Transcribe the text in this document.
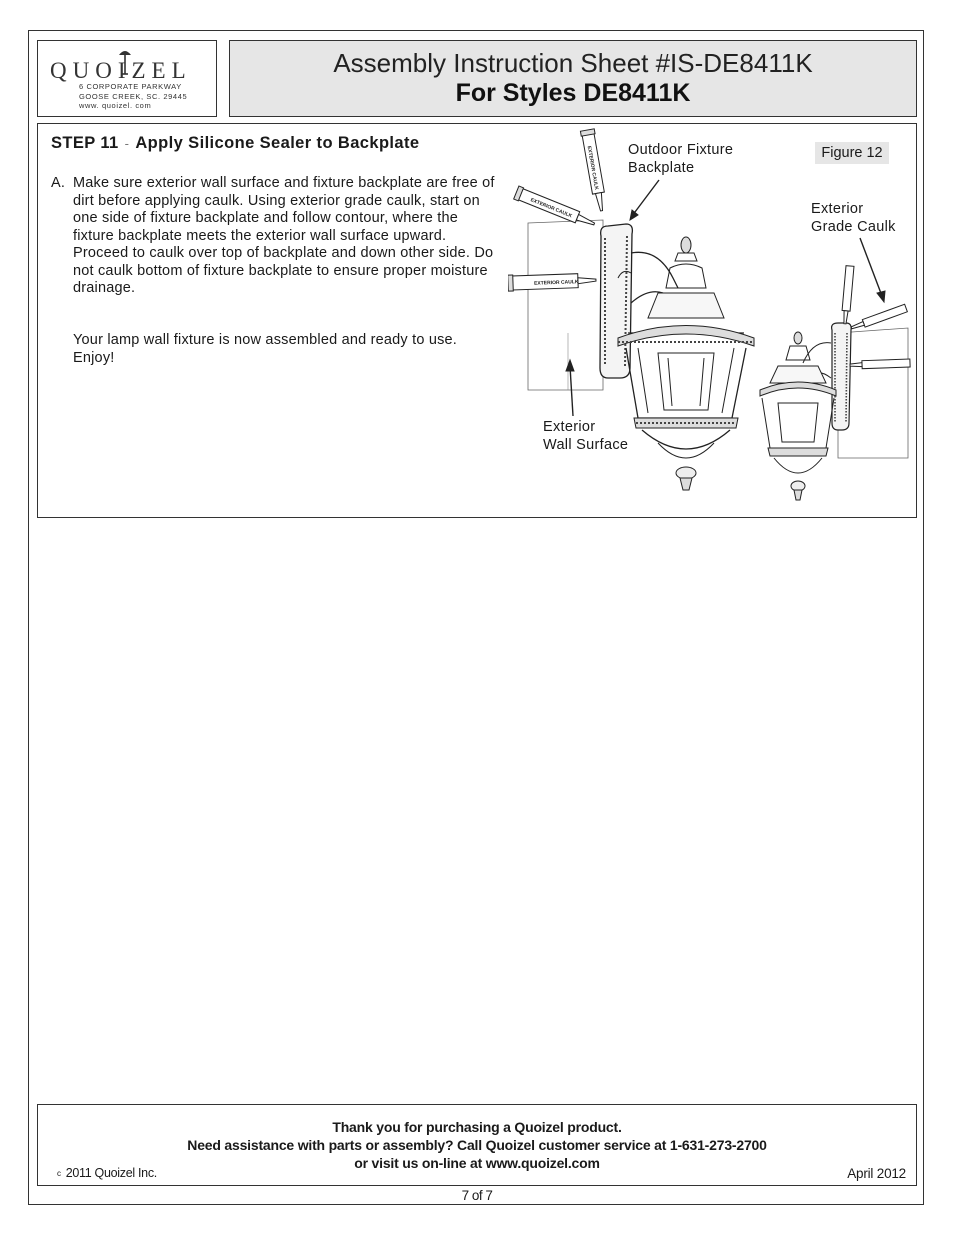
QUOIZEL
6 CORPORATE PARKWAY
GOOSE CREEK, SC. 29445
www. quoizel. com
Assembly Instruction Sheet #IS-DE8411K
For Styles DE8411K
STEP 11 - Apply Silicone Sealer to Backplate
A. Make sure exterior wall surface and fixture backplate are free of dirt before applying caulk. Using exterior grade caulk, start on one side of fixture backplate and follow contour, where the fixture backplate meets the exterior wall surface upward. Proceed to caulk over top of backplate and down other side. Do not caulk bottom of fixture backplate to ensure proper moisture drainage.
Your lamp wall fixture is now assembled and ready to use. Enjoy!
Figure 12
Outdoor Fixture
Backplate
Exterior
Grade Caulk
Exterior
Wall Surface
EXTERIOR CAULK
EXTERIOR CAULK
EXTERIOR CAULK
Thank you for purchasing a Quoizel product.
Need assistance with parts or assembly? Call Quoizel customer service at 1-631-273-2700
or visit us on-line at www.quoizel.com
c 2011 Quoizel Inc.	April 2012
7 of 7
